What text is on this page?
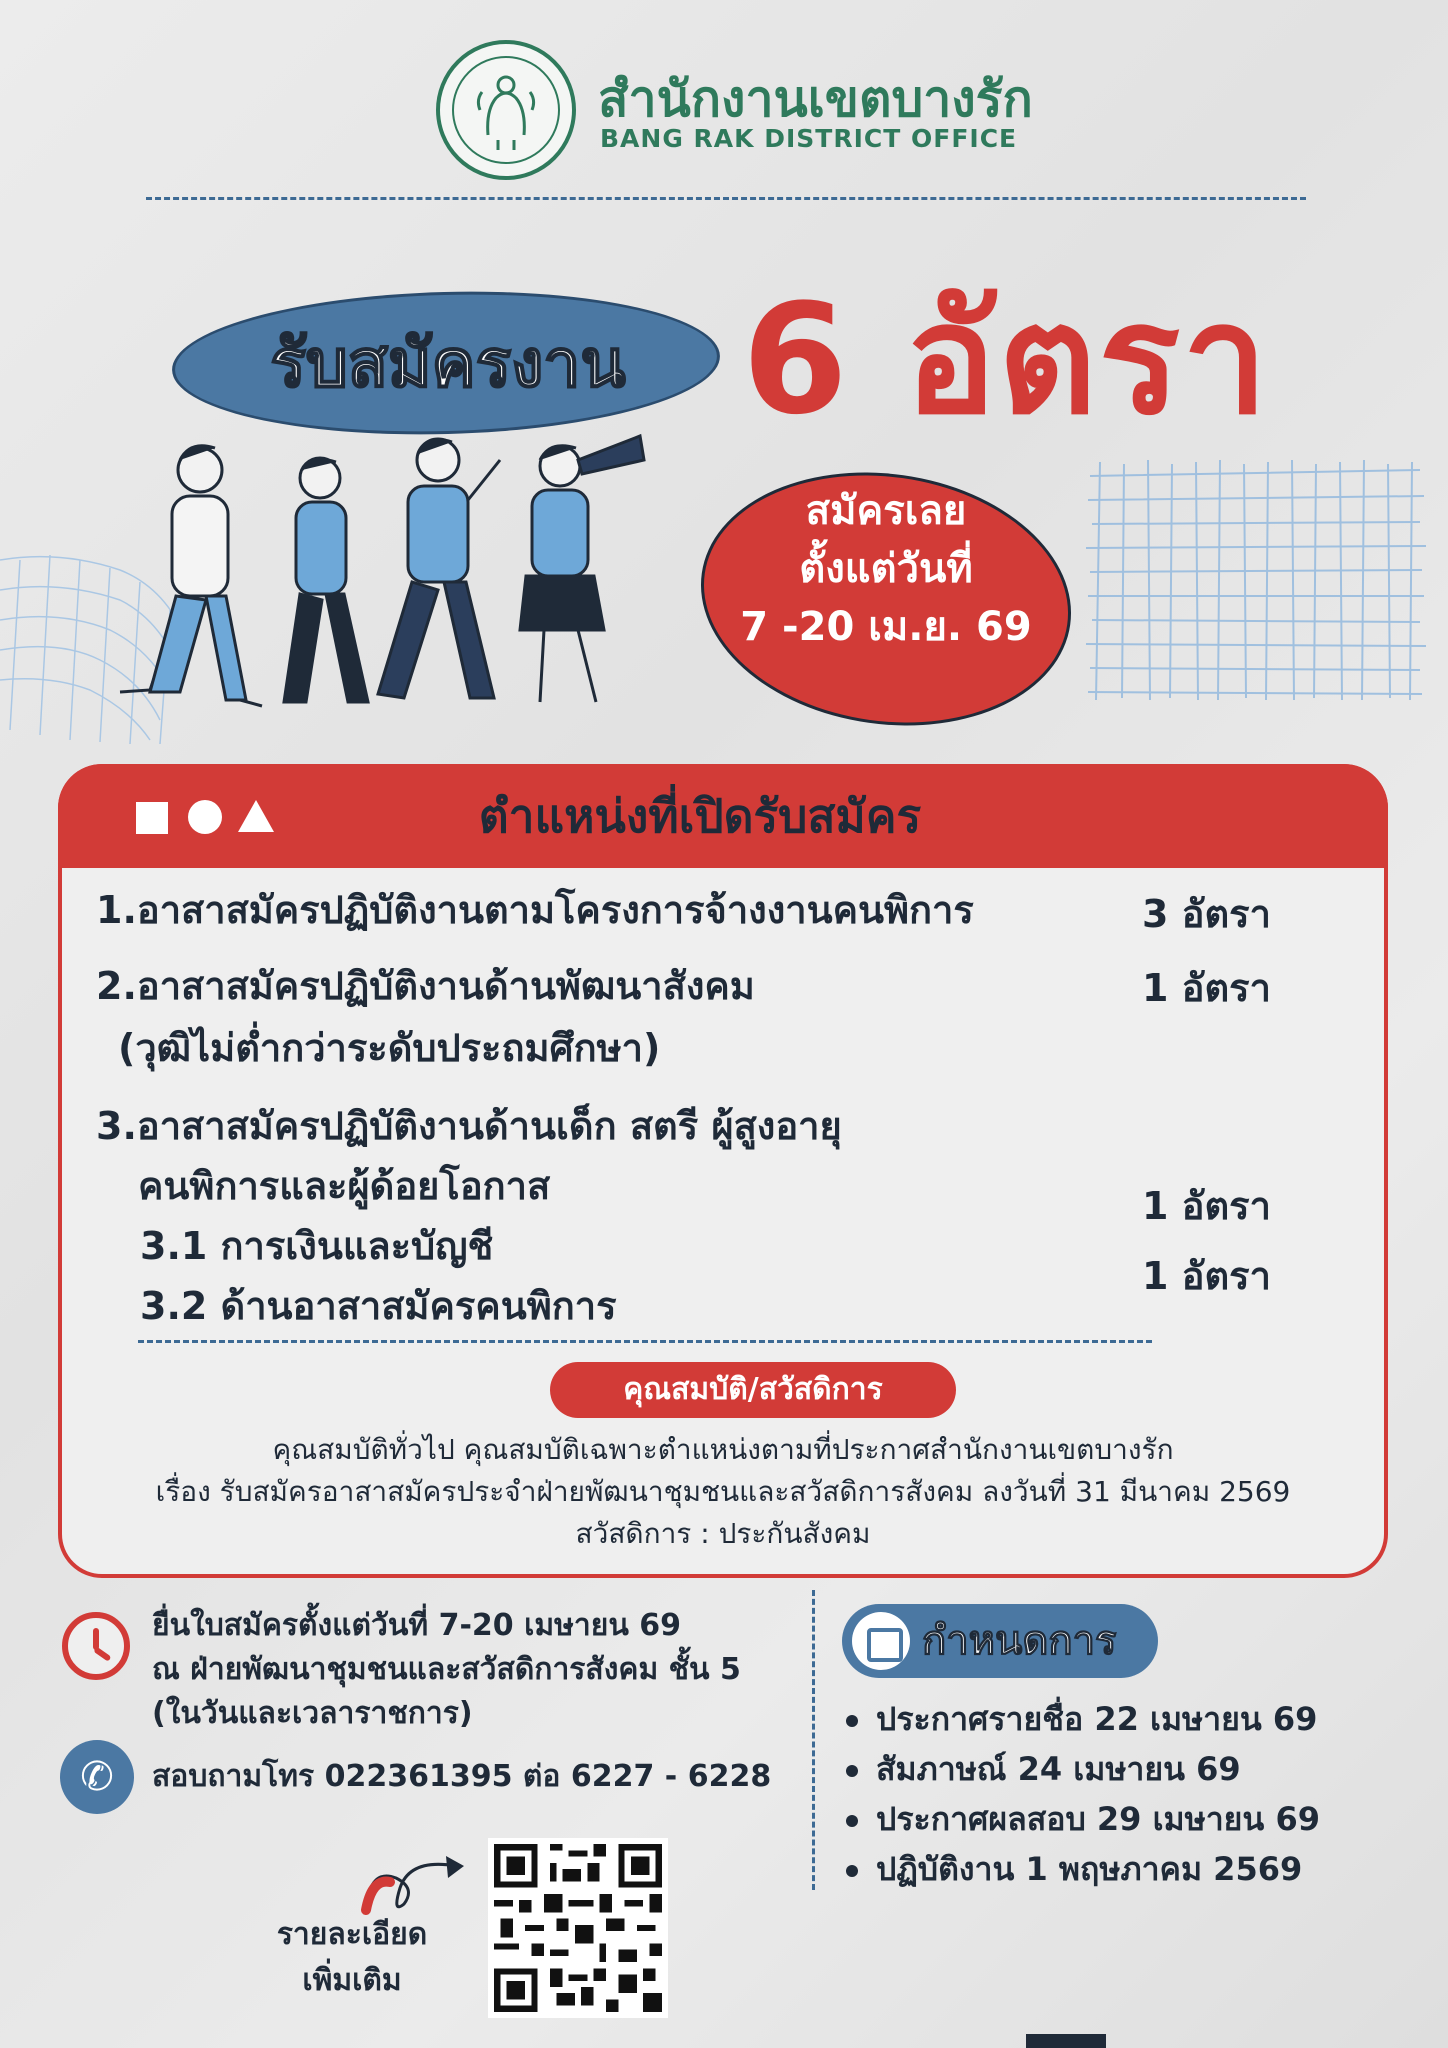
สำนักงานเขตบางรัก
BANG RAK DISTRICT OFFICE
รับสมัครงาน 6 อัตรา
สมัครเลย
ตั้งแต่วันที่
7 -20 เม.ย. 69
ตำแหน่งที่เปิดรับสมัคร
1.อาสาสมัครปฏิบัติงานตามโครงการจ้างงานคนพิการ	3 อัตรา
2.อาสาสมัครปฏิบัติงานด้านพัฒนาสังคม
(วุฒิไม่ต่ำกว่าระดับประถมศึกษา)
1 อัตรา
3.อาสาสมัครปฏิบัติงานด้านเด็ก สตรี ผู้สูงอายุ
คนพิการและผู้ด้อยโอกาส
3.1 การเงินและบัญชี
1 อัตรา
3.2 ด้านอาสาสมัครคนพิการ
1 อัตรา
คุณสมบัติ/สวัสดิการ
คุณสมบัติทั่วไป คุณสมบัติเฉพาะตำแหน่งตามที่ประกาศสำนักงานเขตบางรัก
เรื่อง รับสมัครอาสาสมัครประจำฝ่ายพัฒนาชุมชนและสวัสดิการสังคม ลงวันที่ 31 มีนาคม 2569
สวัสดิการ : ประกันสังคม
ยื่นใบสมัครตั้งแต่วันที่ 7-20 เมษายน 69
ณ ฝ่ายพัฒนาชุมชนและสวัสดิการสังคม ชั้น 5
(ในวันและเวลาราชการ)
✆	สอบถามโทร 022361395 ต่อ 6227 - 6228
รายละเอียด
เพิ่มเติม
กำหนดการ
ประกาศรายชื่อ 22 เมษายน 69
สัมภาษณ์ 24 เมษายน 69
ประกาศผลสอบ 29 เมษายน 69
ปฏิบัติงาน 1 พฤษภาคม 2569
